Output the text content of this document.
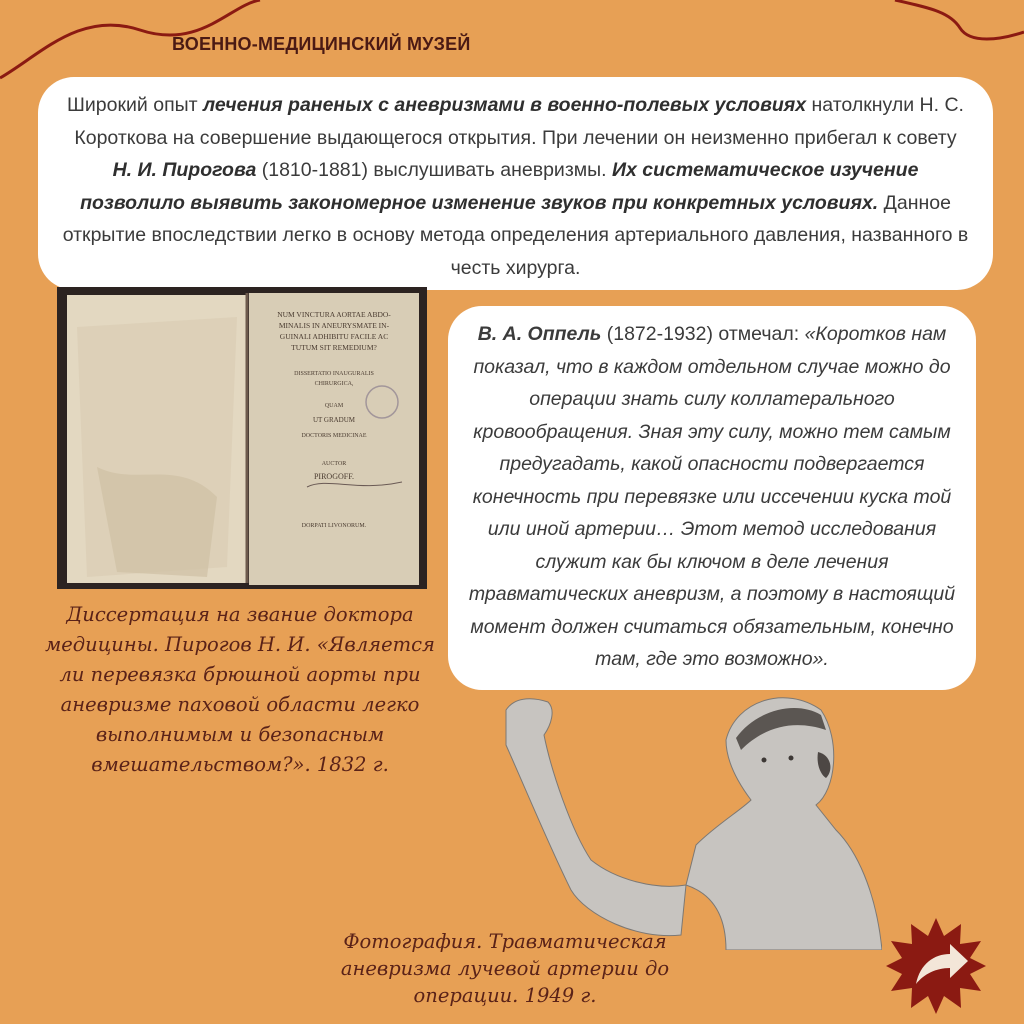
ВОЕННО-МЕДИЦИНСКИЙ МУЗЕЙ
Широкий опыт лечения раненых с аневризмами в военно-полевых условиях натолкнули Н. С. Короткова на совершение выдающегося открытия. При лечении он неизменно прибегал к совету Н. И. Пирогова (1810-1881) выслушивать аневризмы. Их систематическое изучение позволило выявить закономерное изменение звуков при конкретных условиях. Данное открытие впоследствии легко в основу метода определения артериального давления, названного в честь хирурга.
NUM VINCTURA AORTAE ABDO-
MINALIS IN ANEURYSMATE IN-
GUINALI ADHIBITU FACILE AC
TUTUM SIT REMEDIUM?
DISSERTATIO INAUGURALIS
CHIRURGICA,
QUAM
UT GRADUM
DOCTORIS MEDICINAE
AUCTOR
PIROGOFF.
DORPATI LIVONORUM.
В. А. Оппель (1872-1932) отмечал: «Коротков нам показал, что в каждом отдельном случае можно до операции знать силу коллатерального кровообращения. Зная эту силу, можно тем самым предугадать, какой опасности подвергается конечность при перевязке или иссечении куска той или иной артерии… Этот метод исследования служит как бы ключом в деле лечения травматических аневризм, а поэтому в настоящий момент должен считаться обязательным, конечно там, где это возможно».
Диссертация на звание доктора медицины. Пирогов Н. И. «Является ли перевязка брюшной аорты при аневризме паховой области легко выполнимым и безопасным вмешательством?». 1832 г.
Фотография. Травматическая аневризма лучевой артерии до операции. 1949 г.
